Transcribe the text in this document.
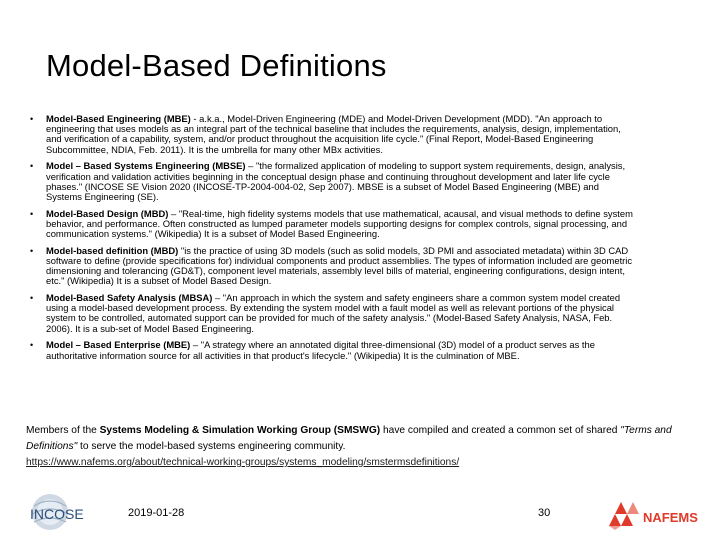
Model-Based Definitions
• Model-Based Engineering (MBE) - a.k.a., Model-Driven Engineering (MDE) and Model-Driven Development (MDD). "An approach to engineering that uses models as an integral part of the technical baseline that includes the requirements, analysis, design, implementation, and verification of a capability, system, and/or product throughout the acquisition life cycle." (Final Report, Model-Based Engineering Subcommittee, NDIA, Feb. 2011). It is the umbrella for many other MBx activities.
• Model – Based Systems Engineering (MBSE) – "the formalized application of modeling to support system requirements, design, analysis, verification and validation activities beginning in the conceptual design phase and continuing throughout development and later life cycle phases." (INCOSE SE Vision 2020 (INCOSE-TP-2004-004-02, Sep 2007). MBSE is a subset of Model Based Engineering (MBE) and Systems Engineering (SE).
• Model-Based Design (MBD) – "Real-time, high fidelity systems models that use mathematical, acausal, and visual methods to define system behavior, and performance. Often constructed as lumped parameter models supporting designs for complex controls, signal processing, and communication systems." (Wikipedia) It is a subset of Model Based Engineering.
• Model-based definition (MBD) "is the practice of using 3D models (such as solid models, 3D PMI and associated metadata) within 3D CAD software to define (provide specifications for) individual components and product assemblies. The types of information included are geometric dimensioning and tolerancing (GD&T), component level materials, assembly level bills of material, engineering configurations, design intent, etc." (Wikipedia) It is a subset of Model Based Design.
• Model-Based Safety Analysis (MBSA) – "An approach in which the system and safety engineers share a common system model created using a model-based development process. By extending the system model with a fault model as well as relevant portions of the physical system to be controlled, automated support can be provided for much of the safety analysis." (Model-Based Safety Analysis, NASA, Feb. 2006). It is a sub-set of Model Based Engineering.
• Model – Based Enterprise (MBE) – "A strategy where an annotated digital three-dimensional (3D) model of a product serves as the authoritative information source for all activities in that product's lifecycle." (Wikipedia) It is the culmination of MBE.
Members of the Systems Modeling & Simulation Working Group (SMSWG) have compiled and created a common set of shared "Terms and Definitions" to serve the model-based systems engineering community.
https://www.nafems.org/about/technical-working-groups/systems_modeling/smstermsdefinitions/
INCOSE	2019-01-28	30	NAFEMS
